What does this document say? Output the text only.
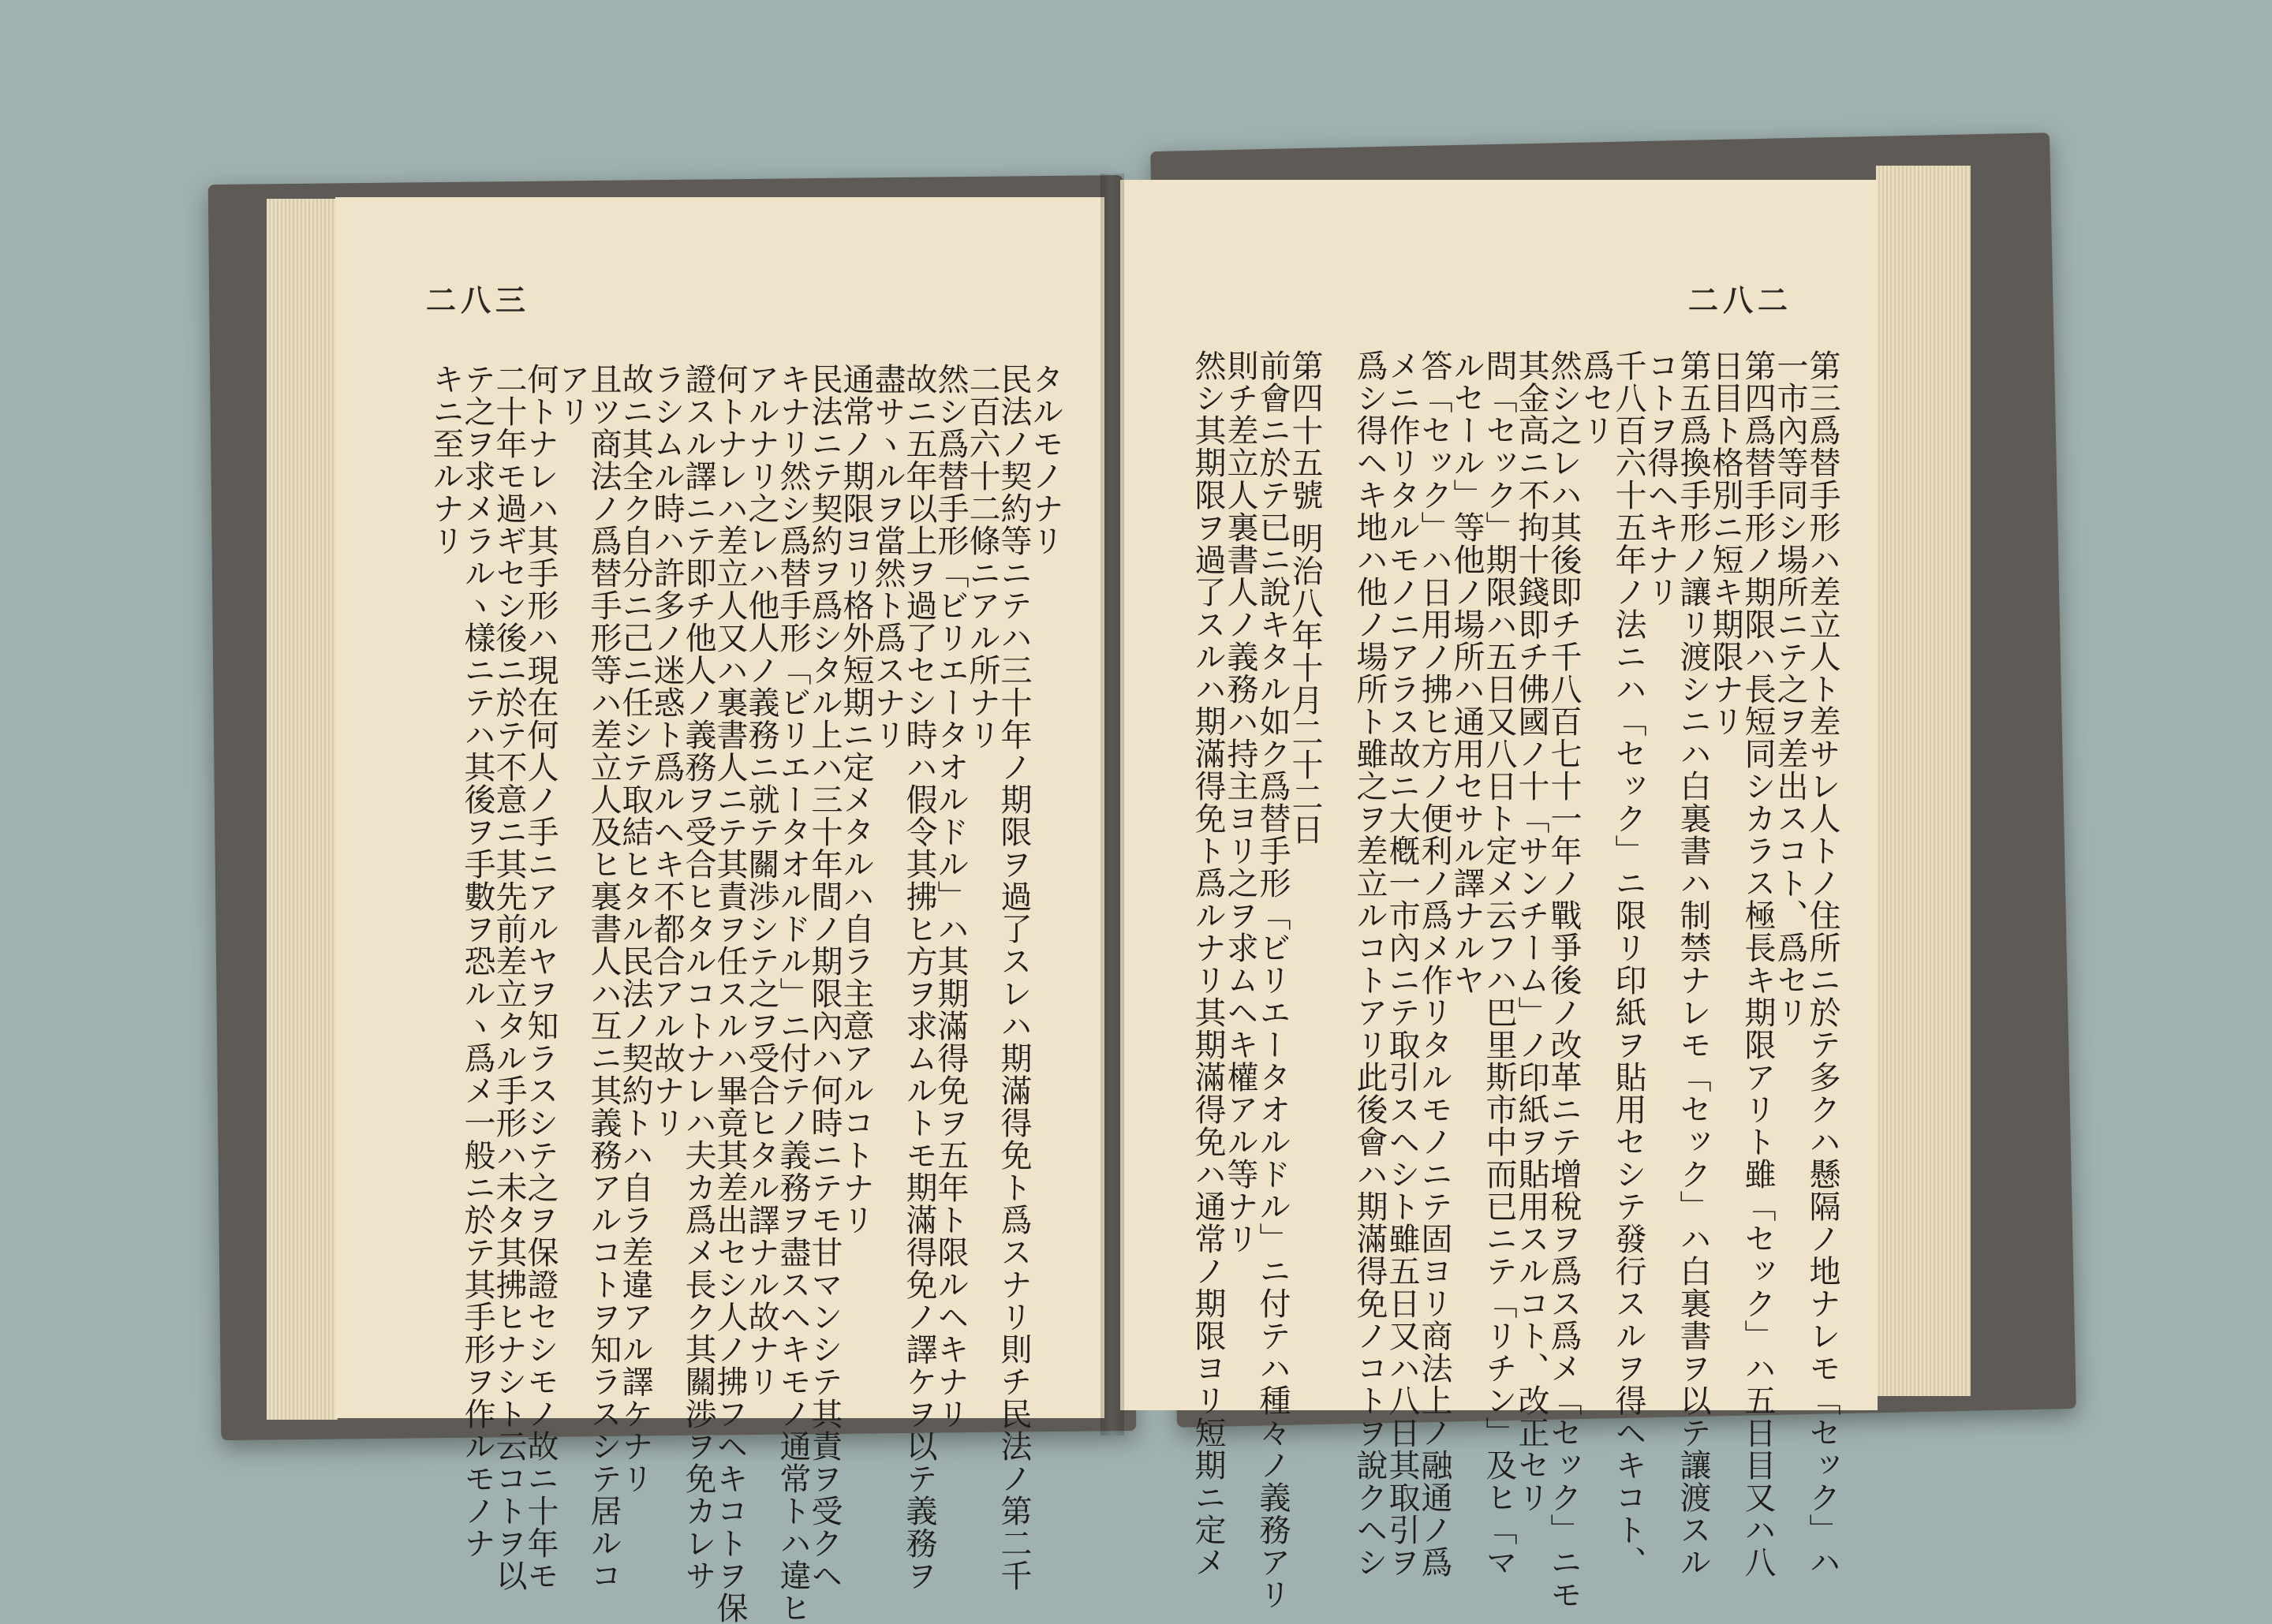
二八三
タルモノナリ
民法ノ契約等ニテハ三十年ノ期限ヲ過了スレハ期滿得免ト爲スナリ則チ民法ノ第二千
二百六十二條ニアル所ナリ
然シ爲替手形「ビリエータオルドル」ハ其期滿得免ヲ五年ト限ルヘキナリ
故ニ五年以上ヲ過了セシ時ハ假令其拂ヒ方ヲ求ムルトモ期滿得免ノ譯ケヲ以テ義務ヲ
盡サヽルヲ當然ト爲スナリ
通常ノ期限ヨリ格外短期ニ定メタルハ自ラ主意アルコトナリ
民法ニテ契約ヲ爲シタル上ハ三十年間ノ期限內ハ何時ニテモ甘マンシテ其責ヲ受クヘ
キナリ然シ爲替手形「ビリエータオルドル」ニ付テノ義務ヲ盡スヘキモノ通常トハ違ヒ
アルナリ之レハ他人ノ義務ニ就テ關渉シテ之ヲ受合ヒタル譯ナル故ナリ
何トナレハ差立人又ハ裏書人ニテ其責ヲ任スルハ畢竟其差出セシ人ノ拂フヘキコトヲ保
證スル譯ニテ即チ他人ノ義務ヲ受合ヒタルコトナレハ夫カ爲メ長ク其關渉ヲ免カレサ
ラシムル時ハ許多ノ迷惑ト爲ルヘキ不都合アル故ナリ
故ニ其全ク自分ニ己ニ任シテ取結ヒタル民法ノ契約トハ自ラ差違アル譯ケナリ
且ツ商法ノ爲替手形等ハ差立人及ヒ裏書人ハ互ニ其義務アルコトヲ知ラスシテ居ルコ
アリ
何トナレハ其手形ハ現在何人ノ手ニアルヤヲ知ラスシテ之ヲ保證セシモノ故ニ十年モ
二十年モ過ギセシ後ニ於テ不意ニ其先前差立タル手形ハ未タ其拂ヒナシト云コトヲ以
テ之ヲ求メラルヽ樣ニテハ其後ヲ手數ヲ恐ルヽ爲メ一般ニ於テ其手形ヲ作ルモノナ
キニ至ルナリ
二八二
第三爲替手形ハ差立人ト差サレ人トノ住所ニ於テ多クハ懸隔ノ地ナレモ「セック」ハ
一市內等同シ場所ニテ之ヲ差出スコト、爲セリ
第四爲替手形ノ期限ハ長短同シカラス極長キ期限アリト雖「セック」ハ五日目又ハ八
日目ト格別ニ短キ期限ナリ
第五爲換手形ノ讓リ渡シニハ白裏書ハ制禁ナレモ「セック」ハ白裏書ヲ以テ讓渡スル
コトヲ得ヘキナリ
千八百六十五年ノ法ニハ「セック」ニ限リ印紙ヲ貼用セシテ發行スルヲ得ヘキコト、
爲セリ
然シ之レハ其後即チ千八百七十一年ノ戰爭後ノ改革ニテ增稅ヲ爲ス爲メ「セック」ニモ
其金高ニ不拘十錢即チ佛國ノ十「サンチーム」ノ印紙ヲ貼用スルコト、改正セリ
問「セック」期限ハ五日又八日ト定メ云フハ巴里斯市中而已ニテ「リチン」及ヒ「マ
ルセール」等他ノ場所ハ通用セサル譯ナルヤ
答「セック」ハ日用ノ拂ヒ方ノ便利ノ爲メ作リタルモノニテ固ヨリ商法上ノ融通ノ爲
メニ作リタルモノニアラス故ニ大槪一市內ニテ取引スヘシト雖五日又ハ八日其取引ヲ
爲シ得ヘキ地ハ他ノ場所ト雖之ヲ差立ルコトアリ此後會ハ期滿得免ノコトヲ說クヘシ
第四十五號 明治八年十月二十二日
前會ニ於テ已ニ說キタル如ク爲替手形「ビリエータオルドル」ニ付テハ種々ノ義務アリ
則チ差立人裏書人ノ義務ハ持主ヨリ之ヲ求ムヘキ權アル等ナリ
然シ其期限ヲ過了スルハ期滿得免ト爲ルナリ其期滿得免ハ通常ノ期限ヨリ短期ニ定メ
